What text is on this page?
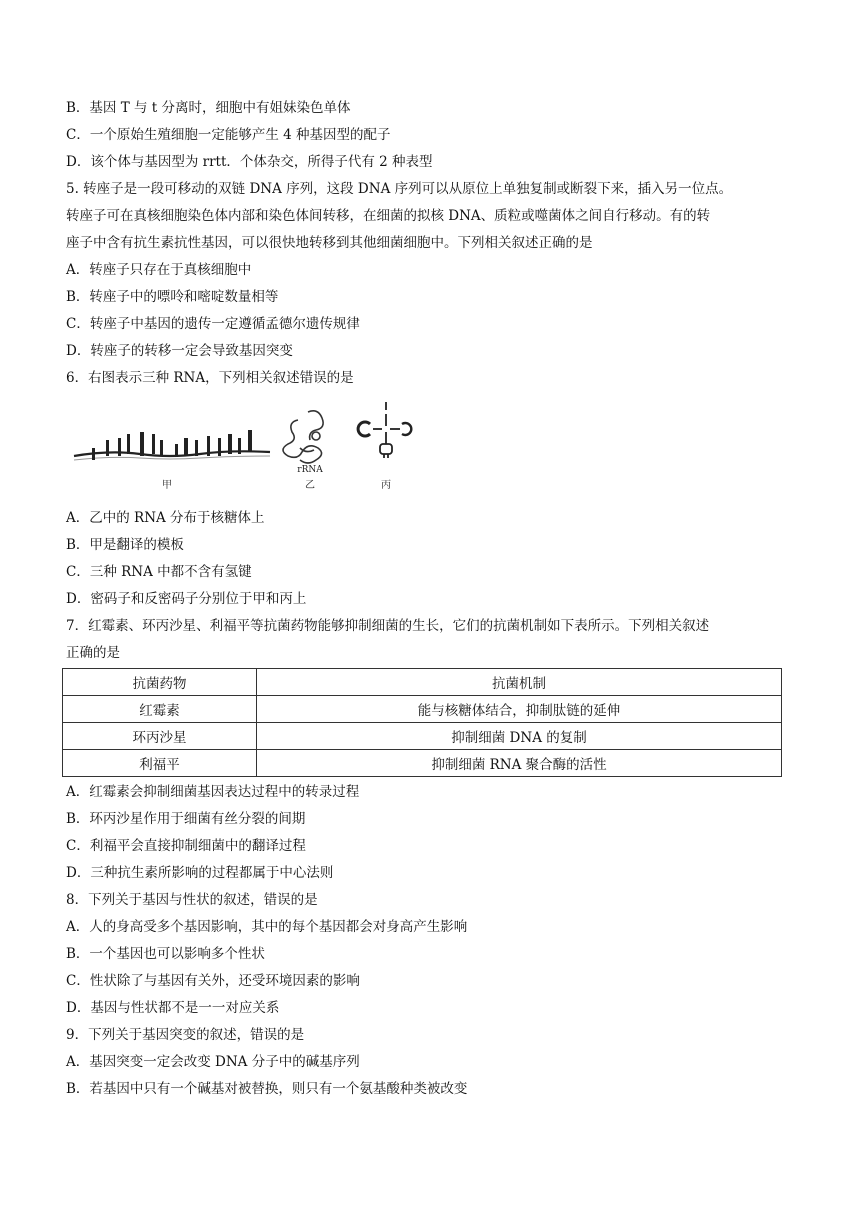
B．基因 T 与 t 分离时，细胞中有姐妹染色单体
C．一个原始生殖细胞一定能够产生 4 种基因型的配子
D．该个体与基因型为 rrtt．个体杂交，所得子代有 2 种表型
5. 转座子是一段可移动的双链 DNA 序列，这段 DNA 序列可以从原位上单独复制或断裂下来，插入另一位点。
转座子可在真核细胞染色体内部和染色体间转移，在细菌的拟核 DNA、质粒或噬菌体之间自行移动。有的转
座子中含有抗生素抗性基因，可以很快地转移到其他细菌细胞中。下列相关叙述正确的是
A．转座子只存在于真核细胞中
B．转座子中的嘌呤和嘧啶数量相等
C．转座子中基因的遗传一定遵循孟德尔遗传规律
D．转座子的转移一定会导致基因突变
6．右图表示三种 RNA，下列相关叙述错误的是
甲
rRNA
乙	丙
A．乙中的 RNA 分布于核糖体上
B．甲是翻译的模板
C．三种 RNA 中都不含有氢键
D．密码子和反密码子分别位于甲和丙上
7．红霉素、环丙沙星、利福平等抗菌药物能够抑制细菌的生长，它们的抗菌机制如下表所示。下列相关叙述
正确的是
抗菌药物	抗菌机制
红霉素	能与核糖体结合，抑制肽链的延伸
环丙沙星	抑制细菌 DNA 的复制
利福平	抑制细菌 RNA 聚合酶的活性
A．红霉素会抑制细菌基因表达过程中的转录过程
B．环丙沙星作用于细菌有丝分裂的间期
C．利福平会直接抑制细菌中的翻译过程
D．三种抗生素所影响的过程都属于中心法则
8．下列关于基因与性状的叙述，错误的是
A．人的身高受多个基因影响，其中的每个基因都会对身高产生影响
B．一个基因也可以影响多个性状
C．性状除了与基因有关外，还受环境因素的影响
D．基因与性状都不是一一对应关系
9．下列关于基因突变的叙述，错误的是
A．基因突变一定会改变 DNA 分子中的碱基序列
B．若基因中只有一个碱基对被替换，则只有一个氨基酸种类被改变
